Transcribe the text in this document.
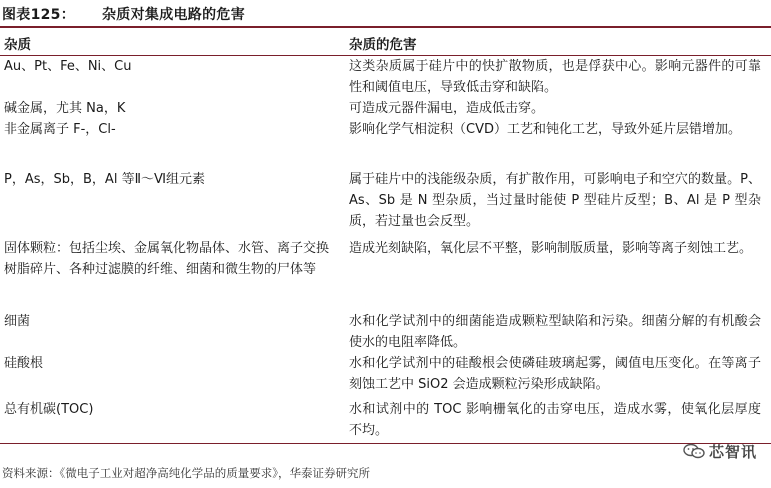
图表125： 杂质对集成电路的危害
杂质	杂质的危害
Au、Pt、Fe、Ni、Cu	这类杂质属于硅片中的快扩散物质，也是俘获中心。影响元器件的可靠性和阈值电压，导致低击穿和缺陷。
碱金属，尤其 Na，K	可造成元器件漏电，造成低击穿。
非金属离子 F-，Cl-	影响化学气相淀积（CVD）工艺和钝化工艺，导致外延片层错增加。
P，As，Sb，B，Al 等Ⅱ～Ⅵ组元素	属于硅片中的浅能级杂质，有扩散作用，可影响电子和空穴的数量。P、As、Sb 是 N 型杂质，当过量时能使 P 型硅片反型；B、Al 是 P 型杂质，若过量也会反型。
固体颗粒：包括尘埃、金属氧化物晶体、水管、离子交换树脂碎片、各种过滤膜的纤维、细菌和微生物的尸体等	造成光刻缺陷，氧化层不平整，影响制版质量，影响等离子刻蚀工艺。
细菌	水和化学试剂中的细菌能造成颗粒型缺陷和污染。细菌分解的有机酸会使水的电阻率降低。
硅酸根	水和化学试剂中的硅酸根会使磷硅玻璃起雾，阈值电压变化。在等离子刻蚀工艺中 SiO2 会造成颗粒污染形成缺陷。
总有机碳(TOC)	水和试剂中的 TOC 影响栅氧化的击穿电压，造成水雾，使氧化层厚度不均。
芯智讯
资料来源：《微电子工业对超净高纯化学品的质量要求》，华泰证券研究所
